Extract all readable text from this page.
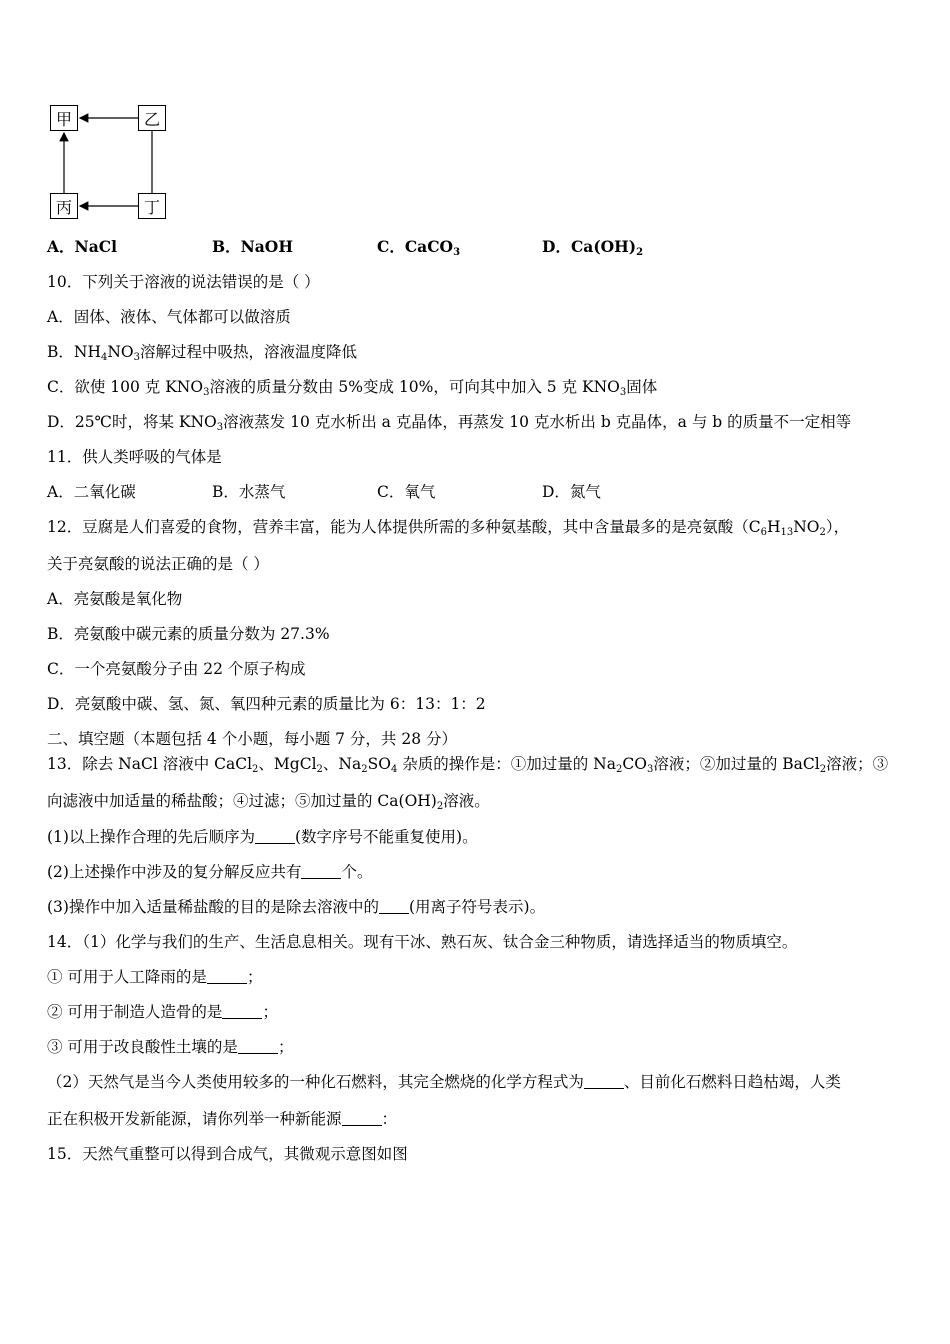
甲	乙
丙	丁
A．NaCl	B．NaOH	C．CaCO$_3$	D．$Ca(OH)_2$
10．下列关于溶液的说法错误的是（ ）
A．固体、液体、气体都可以做溶质
B．$NH_4NO_3$溶解过程中吸热，溶液温度降低
C．欲使 100 克 $KNO_3$溶液的质量分数由 5%变成 10%，可向其中加入 5 克 $KNO_3$固体
D．25℃时，将某 $KNO_3$溶液蒸发 10 克水析出 a 克晶体，再蒸发 10 克水析出 b 克晶体，a 与 b 的质量不一定相等
11．供人类呼吸的气体是
A．二氧化碳	B．水蒸气	C．氧气	D．氮气
12．豆腐是人们喜爱的食物，营养丰富，能为人体提供所需的多种氨基酸，其中含量最多的是亮氨酸$(C_6H_{13}NO_2)$，
关于亮氨酸的说法正确的是（ ）
A．亮氨酸是氧化物
B．亮氨酸中碳元素的质量分数为 27.3%
C．一个亮氨酸分子由 22 个原子构成
D．亮氨酸中碳、氢、氮、氧四种元素的质量比为 6：13：1：2
二、填空题（本题包括 4 个小题，每小题 7 分，共 28 分）
13．除去 NaCl 溶液中 CaCl$_2$、MgCl$_2$、$Na_2SO_4$ 杂质的操作是：①加过量的 $Na_2CO_3$溶液；②加过量的 BaCl$_2$溶液；③
向滤液中加适量的稀盐酸；④过滤；⑤加过量的 $Ca(OH)_2$溶液。
(1)以上操作合理的先后顺序为	(数字序号不能重复使用)。
(2)上述操作中涉及的复分解反应共有	个。
(3)操作中加入适量稀盐酸的目的是除去溶液中的 (用离子符号表示)。
14．（1）化学与我们的生产、生活息息相关。现有干冰、熟石灰、钛合金三种物质，请选择适当的物质填空。
① 可用于人工降雨的是	；
② 可用于制造人造骨的是	；
③ 可用于改良酸性土壤的是	；
（2）天然气是当今人类使用较多的一种化石燃料，其完全燃烧的化学方程式为	、目前化石燃料日趋枯竭，人类
正在积极开发新能源，请你列举一种新能源	：
15．天然气重整可以得到合成气，其微观示意图如图
